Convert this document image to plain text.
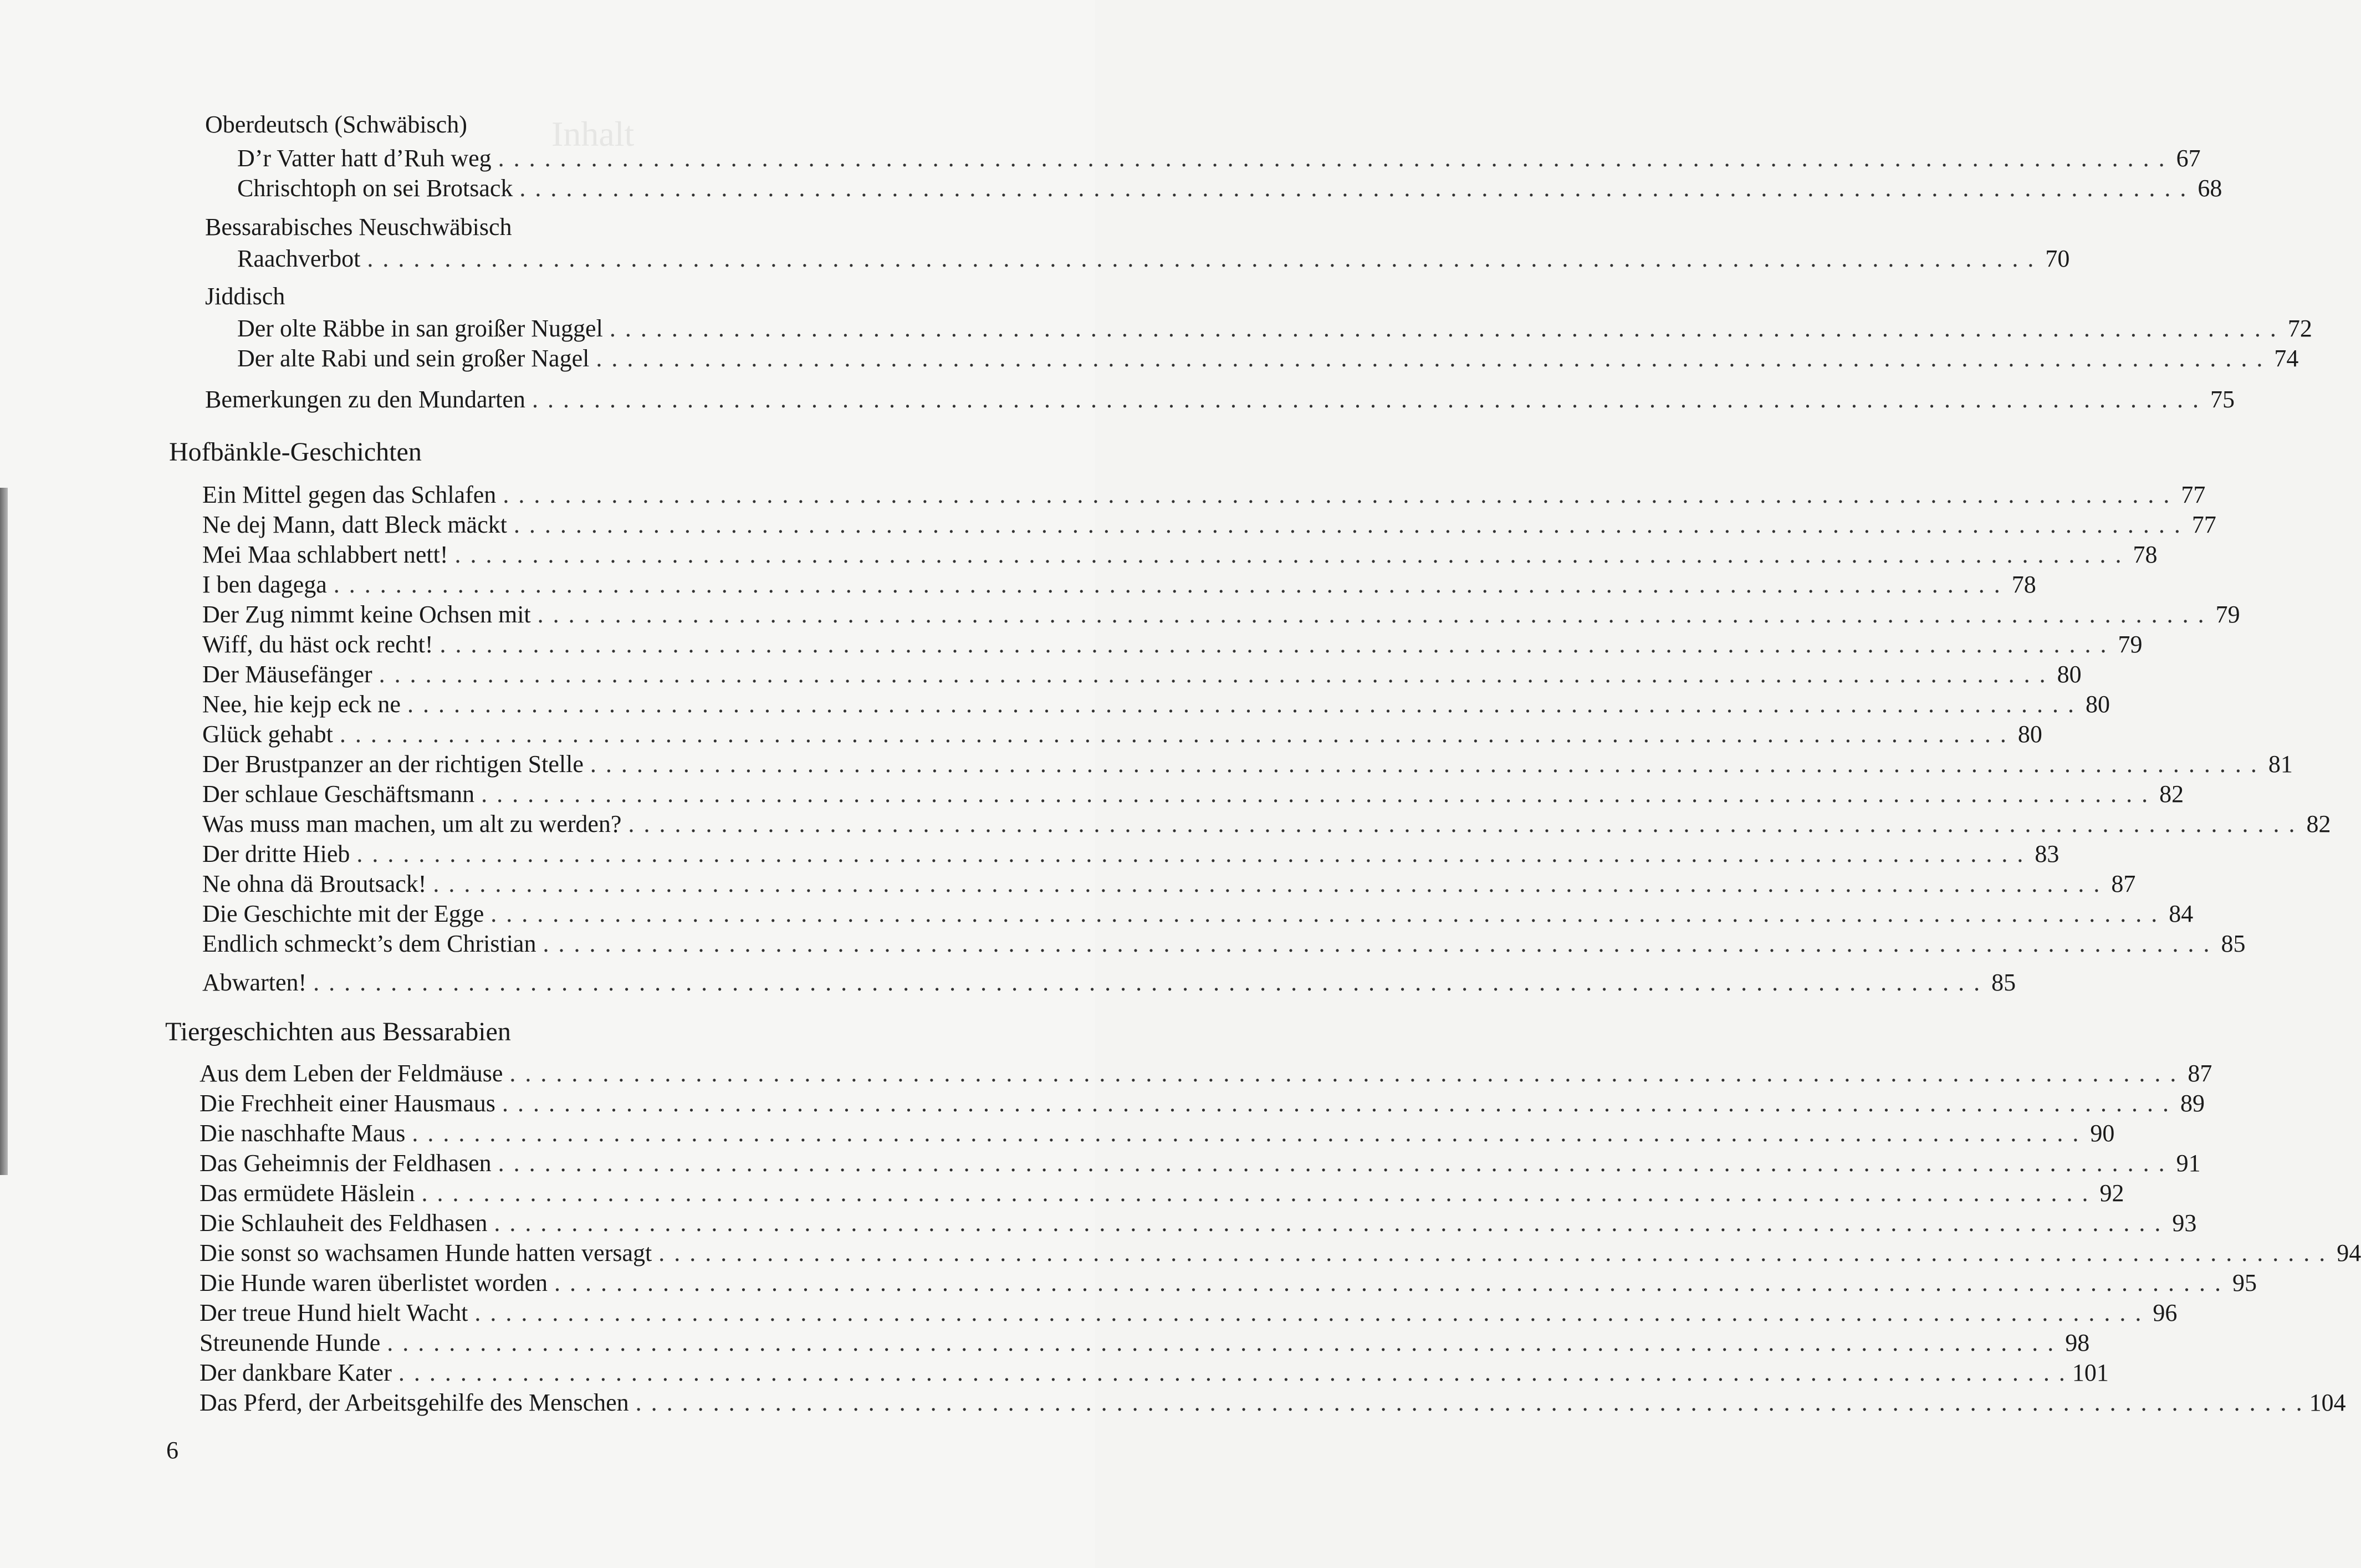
Inhalt
Oberdeutsch (Schwäbisch)
D’r Vatter hatt d’Ruh weg . . . . . . . . . . . . . . . . . . . . . . . . . . . . . . . . . . . . . . . . . . . . . . . . . . . . . . . . . . . . . . . . . . . . . . . . . . . . . . . . . . . . . . . . . . . . . . . . . . . . . . . . . . . . 67
Chrischtoph on sei Brotsack . . . . . . . . . . . . . . . . . . . . . . . . . . . . . . . . . . . . . . . . . . . . . . . . . . . . . . . . . . . . . . . . . . . . . . . . . . . . . . . . . . . . . . . . . . . . . . . . . . . . . . . . . . . . 68
Bessarabisches Neuschwäbisch
Raachverbot . . . . . . . . . . . . . . . . . . . . . . . . . . . . . . . . . . . . . . . . . . . . . . . . . . . . . . . . . . . . . . . . . . . . . . . . . . . . . . . . . . . . . . . . . . . . . . . . . . . . . . . . . . . . 70
Jiddisch
Der olte Räbbe in san groißer Nuggel . . . . . . . . . . . . . . . . . . . . . . . . . . . . . . . . . . . . . . . . . . . . . . . . . . . . . . . . . . . . . . . . . . . . . . . . . . . . . . . . . . . . . . . . . . . . . . . . . . . . . . . . . . . . 72
Der alte Rabi und sein großer Nagel . . . . . . . . . . . . . . . . . . . . . . . . . . . . . . . . . . . . . . . . . . . . . . . . . . . . . . . . . . . . . . . . . . . . . . . . . . . . . . . . . . . . . . . . . . . . . . . . . . . . . . . . . . . . 74
Bemerkungen zu den Mundarten . . . . . . . . . . . . . . . . . . . . . . . . . . . . . . . . . . . . . . . . . . . . . . . . . . . . . . . . . . . . . . . . . . . . . . . . . . . . . . . . . . . . . . . . . . . . . . . . . . . . . . . . . . . . 75
Hofbänkle-Geschichten
Ein Mittel gegen das Schlafen . . . . . . . . . . . . . . . . . . . . . . . . . . . . . . . . . . . . . . . . . . . . . . . . . . . . . . . . . . . . . . . . . . . . . . . . . . . . . . . . . . . . . . . . . . . . . . . . . . . . . . . . . . . . 77
Ne dej Mann, datt Bleck mäckt . . . . . . . . . . . . . . . . . . . . . . . . . . . . . . . . . . . . . . . . . . . . . . . . . . . . . . . . . . . . . . . . . . . . . . . . . . . . . . . . . . . . . . . . . . . . . . . . . . . . . . . . . . . . 77
Mei Maa schlabbert nett! . . . . . . . . . . . . . . . . . . . . . . . . . . . . . . . . . . . . . . . . . . . . . . . . . . . . . . . . . . . . . . . . . . . . . . . . . . . . . . . . . . . . . . . . . . . . . . . . . . . . . . . . . . . . 78
I ben dagega . . . . . . . . . . . . . . . . . . . . . . . . . . . . . . . . . . . . . . . . . . . . . . . . . . . . . . . . . . . . . . . . . . . . . . . . . . . . . . . . . . . . . . . . . . . . . . . . . . . . . . . . . . . . 78
Der Zug nimmt keine Ochsen mit . . . . . . . . . . . . . . . . . . . . . . . . . . . . . . . . . . . . . . . . . . . . . . . . . . . . . . . . . . . . . . . . . . . . . . . . . . . . . . . . . . . . . . . . . . . . . . . . . . . . . . . . . . . . 79
Wiff, du häst ock recht! . . . . . . . . . . . . . . . . . . . . . . . . . . . . . . . . . . . . . . . . . . . . . . . . . . . . . . . . . . . . . . . . . . . . . . . . . . . . . . . . . . . . . . . . . . . . . . . . . . . . . . . . . . . . 79
Der Mäusefänger . . . . . . . . . . . . . . . . . . . . . . . . . . . . . . . . . . . . . . . . . . . . . . . . . . . . . . . . . . . . . . . . . . . . . . . . . . . . . . . . . . . . . . . . . . . . . . . . . . . . . . . . . . . . 80
Nee, hie kejp eck ne . . . . . . . . . . . . . . . . . . . . . . . . . . . . . . . . . . . . . . . . . . . . . . . . . . . . . . . . . . . . . . . . . . . . . . . . . . . . . . . . . . . . . . . . . . . . . . . . . . . . . . . . . . . . 80
Glück gehabt . . . . . . . . . . . . . . . . . . . . . . . . . . . . . . . . . . . . . . . . . . . . . . . . . . . . . . . . . . . . . . . . . . . . . . . . . . . . . . . . . . . . . . . . . . . . . . . . . . . . . . . . . . . . 80
Der Brustpanzer an der richtigen Stelle . . . . . . . . . . . . . . . . . . . . . . . . . . . . . . . . . . . . . . . . . . . . . . . . . . . . . . . . . . . . . . . . . . . . . . . . . . . . . . . . . . . . . . . . . . . . . . . . . . . . . . . . . . . . 81
Der schlaue Geschäftsmann . . . . . . . . . . . . . . . . . . . . . . . . . . . . . . . . . . . . . . . . . . . . . . . . . . . . . . . . . . . . . . . . . . . . . . . . . . . . . . . . . . . . . . . . . . . . . . . . . . . . . . . . . . . . 82
Was muss man machen, um alt zu werden? . . . . . . . . . . . . . . . . . . . . . . . . . . . . . . . . . . . . . . . . . . . . . . . . . . . . . . . . . . . . . . . . . . . . . . . . . . . . . . . . . . . . . . . . . . . . . . . . . . . . . . . . . . . . 82
Der dritte Hieb . . . . . . . . . . . . . . . . . . . . . . . . . . . . . . . . . . . . . . . . . . . . . . . . . . . . . . . . . . . . . . . . . . . . . . . . . . . . . . . . . . . . . . . . . . . . . . . . . . . . . . . . . . . . 83
Ne ohna dä Broutsack! . . . . . . . . . . . . . . . . . . . . . . . . . . . . . . . . . . . . . . . . . . . . . . . . . . . . . . . . . . . . . . . . . . . . . . . . . . . . . . . . . . . . . . . . . . . . . . . . . . . . . . . . . . . . 87
Die Geschichte mit der Egge . . . . . . . . . . . . . . . . . . . . . . . . . . . . . . . . . . . . . . . . . . . . . . . . . . . . . . . . . . . . . . . . . . . . . . . . . . . . . . . . . . . . . . . . . . . . . . . . . . . . . . . . . . . . 84
Endlich schmeckt’s dem Christian . . . . . . . . . . . . . . . . . . . . . . . . . . . . . . . . . . . . . . . . . . . . . . . . . . . . . . . . . . . . . . . . . . . . . . . . . . . . . . . . . . . . . . . . . . . . . . . . . . . . . . . . . . . . 85
Abwarten! . . . . . . . . . . . . . . . . . . . . . . . . . . . . . . . . . . . . . . . . . . . . . . . . . . . . . . . . . . . . . . . . . . . . . . . . . . . . . . . . . . . . . . . . . . . . . . . . . . . . . . . . . . . . 85
Tiergeschichten aus Bessarabien
Aus dem Leben der Feldmäuse . . . . . . . . . . . . . . . . . . . . . . . . . . . . . . . . . . . . . . . . . . . . . . . . . . . . . . . . . . . . . . . . . . . . . . . . . . . . . . . . . . . . . . . . . . . . . . . . . . . . . . . . . . . . 87
Die Frechheit einer Hausmaus . . . . . . . . . . . . . . . . . . . . . . . . . . . . . . . . . . . . . . . . . . . . . . . . . . . . . . . . . . . . . . . . . . . . . . . . . . . . . . . . . . . . . . . . . . . . . . . . . . . . . . . . . . . . 89
Die naschhafte Maus . . . . . . . . . . . . . . . . . . . . . . . . . . . . . . . . . . . . . . . . . . . . . . . . . . . . . . . . . . . . . . . . . . . . . . . . . . . . . . . . . . . . . . . . . . . . . . . . . . . . . . . . . . . . 90
Das Geheimnis der Feldhasen . . . . . . . . . . . . . . . . . . . . . . . . . . . . . . . . . . . . . . . . . . . . . . . . . . . . . . . . . . . . . . . . . . . . . . . . . . . . . . . . . . . . . . . . . . . . . . . . . . . . . . . . . . . . 91
Das ermüdete Häslein . . . . . . . . . . . . . . . . . . . . . . . . . . . . . . . . . . . . . . . . . . . . . . . . . . . . . . . . . . . . . . . . . . . . . . . . . . . . . . . . . . . . . . . . . . . . . . . . . . . . . . . . . . . . 92
Die Schlauheit des Feldhasen . . . . . . . . . . . . . . . . . . . . . . . . . . . . . . . . . . . . . . . . . . . . . . . . . . . . . . . . . . . . . . . . . . . . . . . . . . . . . . . . . . . . . . . . . . . . . . . . . . . . . . . . . . . . 93
Die sonst so wachsamen Hunde hatten versagt . . . . . . . . . . . . . . . . . . . . . . . . . . . . . . . . . . . . . . . . . . . . . . . . . . . . . . . . . . . . . . . . . . . . . . . . . . . . . . . . . . . . . . . . . . . . . . . . . . . . . . . . . . . . 94
Die Hunde waren überlistet worden . . . . . . . . . . . . . . . . . . . . . . . . . . . . . . . . . . . . . . . . . . . . . . . . . . . . . . . . . . . . . . . . . . . . . . . . . . . . . . . . . . . . . . . . . . . . . . . . . . . . . . . . . . . . 95
Der treue Hund hielt Wacht . . . . . . . . . . . . . . . . . . . . . . . . . . . . . . . . . . . . . . . . . . . . . . . . . . . . . . . . . . . . . . . . . . . . . . . . . . . . . . . . . . . . . . . . . . . . . . . . . . . . . . . . . . . . 96
Streunende Hunde . . . . . . . . . . . . . . . . . . . . . . . . . . . . . . . . . . . . . . . . . . . . . . . . . . . . . . . . . . . . . . . . . . . . . . . . . . . . . . . . . . . . . . . . . . . . . . . . . . . . . . . . . . . . 98
Der dankbare Kater . . . . . . . . . . . . . . . . . . . . . . . . . . . . . . . . . . . . . . . . . . . . . . . . . . . . . . . . . . . . . . . . . . . . . . . . . . . . . . . . . . . . . . . . . . . . . . . . . . . . . . . . . . . . 101
Das Pferd, der Arbeitsgehilfe des Menschen . . . . . . . . . . . . . . . . . . . . . . . . . . . . . . . . . . . . . . . . . . . . . . . . . . . . . . . . . . . . . . . . . . . . . . . . . . . . . . . . . . . . . . . . . . . . . . . . . . . . . . . . . . . . 104
6
